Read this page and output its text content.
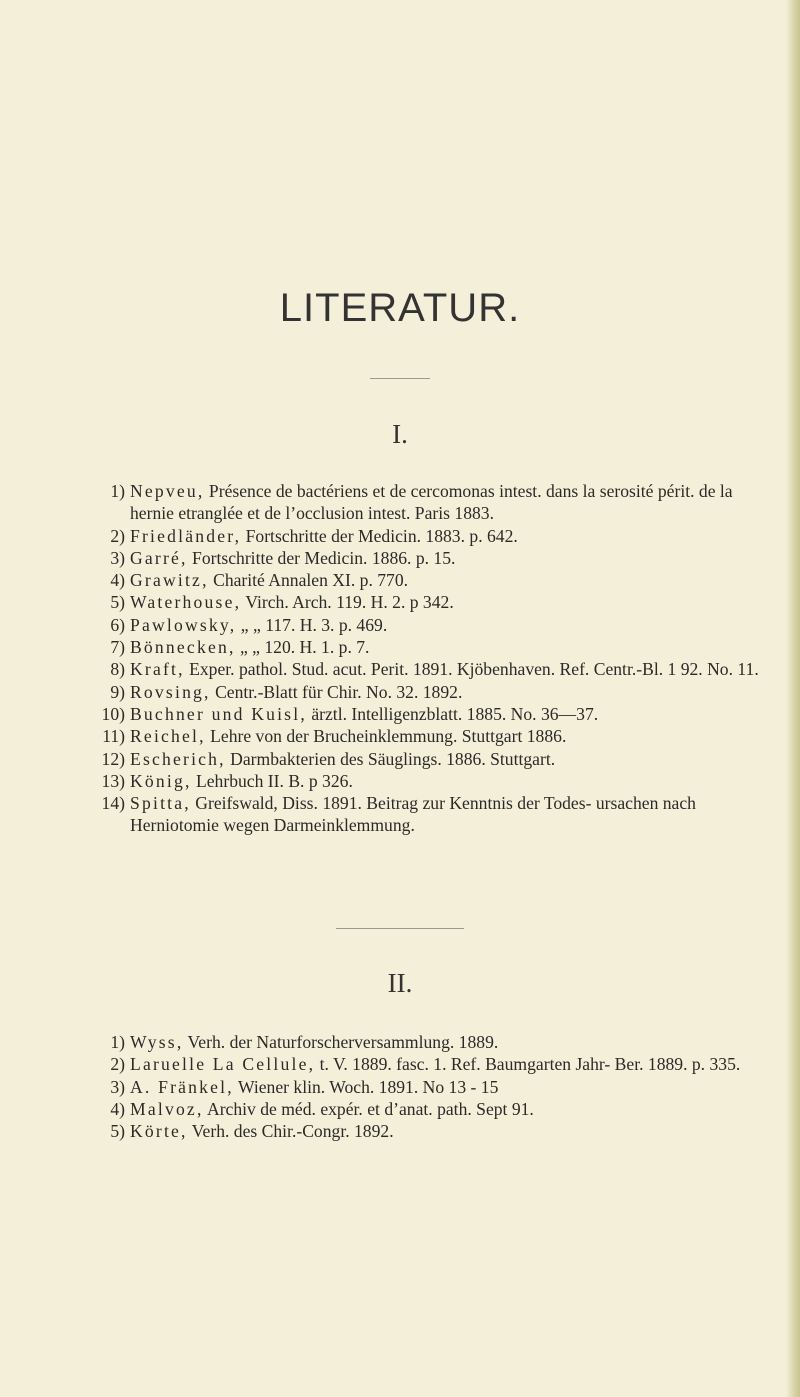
LITERATUR.
I.
1) Nepveu, Présence de bactériens et de cercomonas intest. dans la serosité périt. de la hernie etranglée et de l’occlusion intest. Paris 1883.
2) Friedländer, Fortschritte der Medicin. 1883. p. 642.
3) Garré, Fortschritte der Medicin. 1886. p. 15.
4) Grawitz, Charité Annalen XI. p. 770.
5) Waterhouse, Virch. Arch. 119. H. 2. p 342.
6) Pawlowsky, „ „ 117. H. 3. p. 469.
7) Bönnecken, „ „ 120. H. 1. p. 7.
8) Kraft, Exper. pathol. Stud. acut. Perit. 1891. Kjöbenhaven. Ref. Centr.-Bl. 1 92. No. 11.
9) Rovsing, Centr.-Blatt für Chir. No. 32. 1892.
10) Buchner und Kuisl, ärztl. Intelligenzblatt. 1885. No. 36—37.
11) Reichel, Lehre von der Brucheinklemmung. Stuttgart 1886.
12) Escherich, Darmbakterien des Säuglings. 1886. Stuttgart.
13) König, Lehrbuch II. B. p 326.
14) Spitta, Greifswald, Diss. 1891. Beitrag zur Kenntnis der Todes- ursachen nach Herniotomie wegen Darmeinklemmung.
II.
1) Wyss, Verh. der Naturforscherversammlung. 1889.
2) Laruelle La Cellule, t. V. 1889. fasc. 1. Ref. Baumgarten Jahr- Ber. 1889. p. 335.
3) A. Fränkel, Wiener klin. Woch. 1891. No 13 - 15
4) Malvoz, Archiv de méd. expér. et d’anat. path. Sept 91.
5) Körte, Verh. des Chir.-Congr. 1892.
